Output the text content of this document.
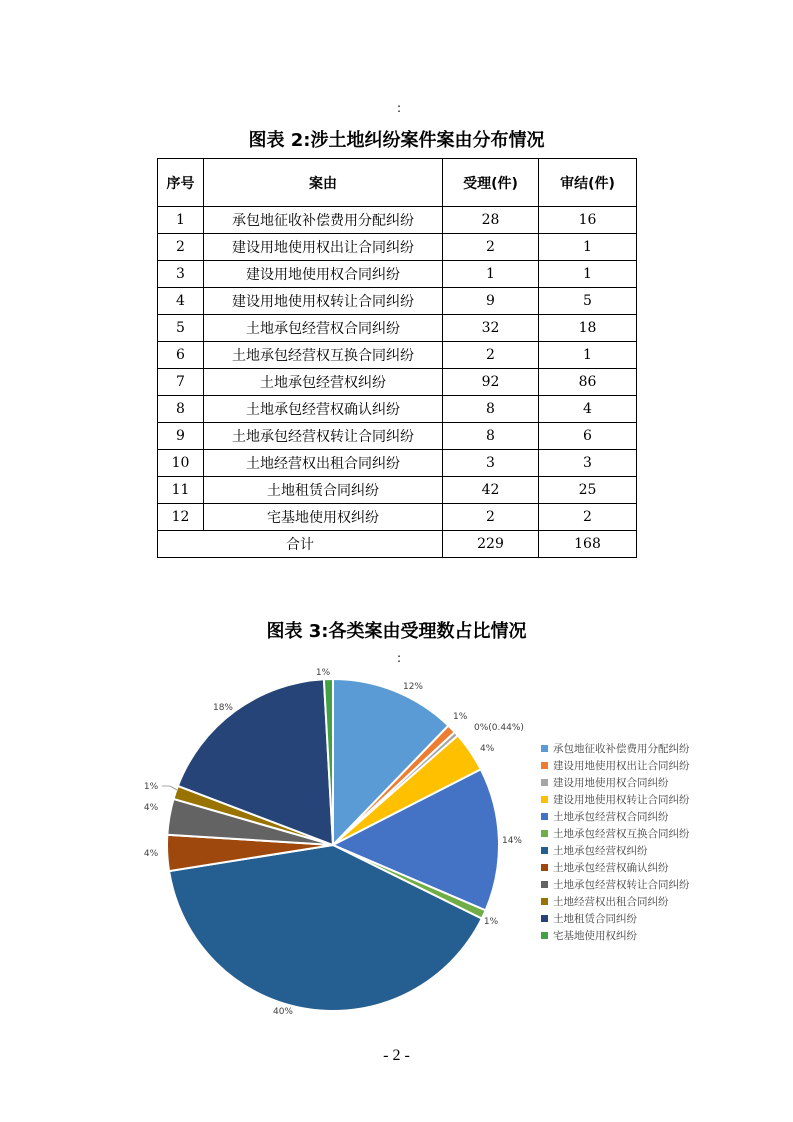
:
图表 2:涉土地纠纷案件案由分布情况
序号	案由	受理(件)	审结(件)
1	承包地征收补偿费用分配纠纷	28	16
2	建设用地使用权出让合同纠纷	2	1
3	建设用地使用权合同纠纷	1	1
4	建设用地使用权转让合同纠纷	9	5
5	土地承包经营权合同纠纷	32	18
6	土地承包经营权互换合同纠纷	2	1
7	土地承包经营权纠纷	92	86
8	土地承包经营权确认纠纷	8	4
9	土地承包经营权转让合同纠纷	8	6
10	土地经营权出租合同纠纷	3	3
11	土地租赁合同纠纷	42	25
12	宅基地使用权纠纷	2	2
合计		229	168
图表 3:各类案由受理数占比情况
:
12%
1%
0%(0.44%)
4%
14%
1%
40%
4%
4%
1%
18%
1%
承包地征收补偿费用分配纠纷
建设用地使用权出让合同纠纷
建设用地使用权合同纠纷
建设用地使用权转让合同纠纷
土地承包经营权合同纠纷
土地承包经营权互换合同纠纷
土地承包经营权纠纷
土地承包经营权确认纠纷
土地承包经营权转让合同纠纷
土地经营权出租合同纠纷
土地租赁合同纠纷
宅基地使用权纠纷
- 2 -
